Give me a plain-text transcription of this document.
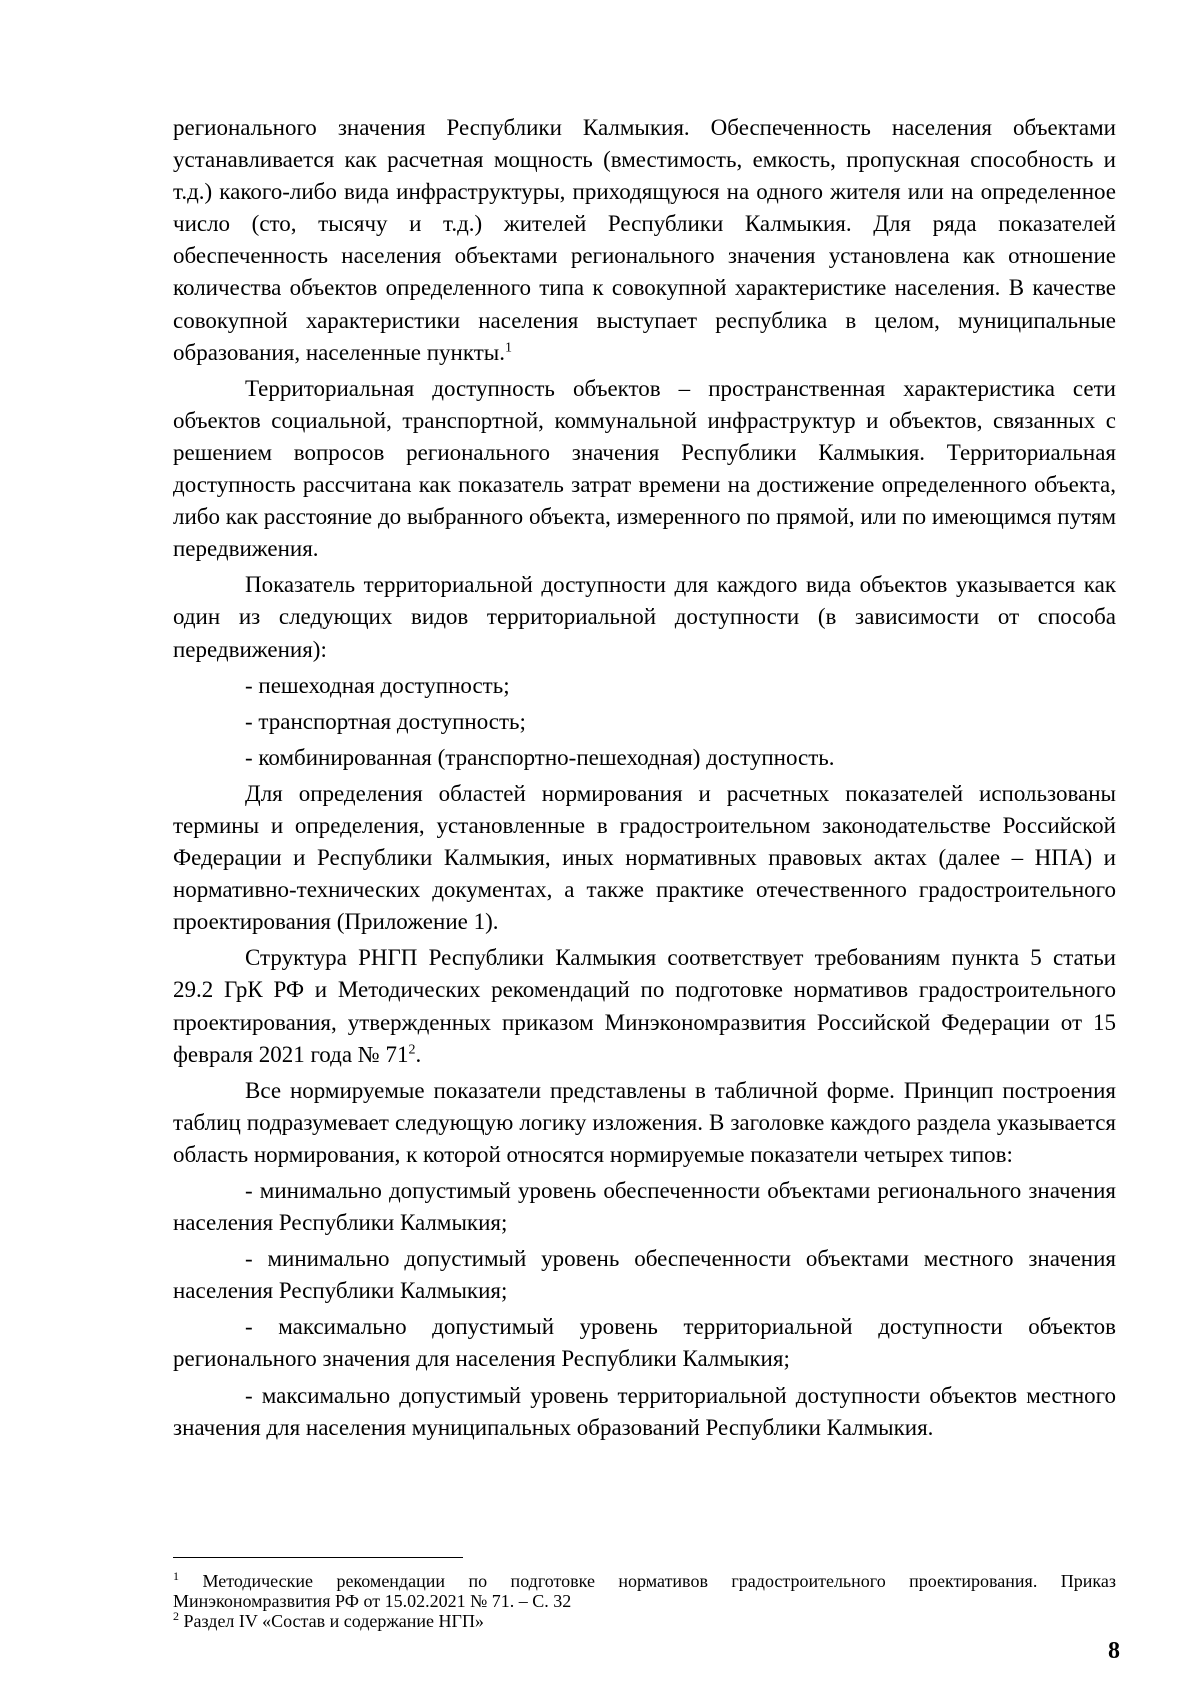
регионального значения Республики Калмыкия. Обеспеченность населения объектами устанавливается как расчетная мощность (вместимость, емкость, пропускная способность и т.д.) какого-либо вида инфраструктуры, приходящуюся на одного жителя или на определенное число (сто, тысячу и т.д.) жителей Республики Калмыкия. Для ряда показателей обеспеченность населения объектами регионального значения установлена как отношение количества объектов определенного типа к совокупной характеристике населения. В качестве совокупной характеристики населения выступает республика в целом, муниципальные образования, населенные пункты.$^1$

Территориальная доступность объектов – пространственная характеристика сети объектов социальной, транспортной, коммунальной инфраструктур и объектов, связанных с решением вопросов регионального значения Республики Калмыкия. Территориальная доступность рассчитана как показатель затрат времени на достижение определенного объекта, либо как расстояние до выбранного объекта, измеренного по прямой, или по имеющимся путям передвижения.

Показатель территориальной доступности для каждого вида объектов указывается как один из следующих видов территориальной доступности (в зависимости от способа передвижения):

- пешеходная доступность;

- транспортная доступность;

- комбинированная (транспортно-пешеходная) доступность.

Для определения областей нормирования и расчетных показателей использованы термины и определения, установленные в градостроительном законодательстве Российской Федерации и Республики Калмыкия, иных нормативных правовых актах (далее – НПА) и нормативно-технических документах, а также практике отечественного градостроительного проектирования (Приложение 1).

Структура РНГП Республики Калмыкия соответствует требованиям пункта 5 статьи 29.2 ГрК РФ и Методических рекомендаций по подготовке нормативов градостроительного проектирования, утвержденных приказом Минэкономразвития Российской Федерации от 15 февраля 2021 года № $71^2$.

Все нормируемые показатели представлены в табличной форме. Принцип построения таблиц подразумевает следующую логику изложения. В заголовке каждого раздела указывается область нормирования, к которой относятся нормируемые показатели четырех типов:

- минимально допустимый уровень обеспеченности объектами регионального значения населения Республики Калмыкия;

- минимально допустимый уровень обеспеченности объектами местного значения населения Республики Калмыкия;

- максимально допустимый уровень территориальной доступности объектов регионального значения для населения Республики Калмыкия;

- максимально допустимый уровень территориальной доступности объектов местного значения для населения муниципальных образований Республики Калмыкия.

$^1$ Методические рекомендации по подготовке нормативов градостроительного проектирования. Приказ Минэкономразвития РФ от 15.02.2021 № 71. – С. 32

$^2$ Раздел IV «Состав и содержание НГП»

8
